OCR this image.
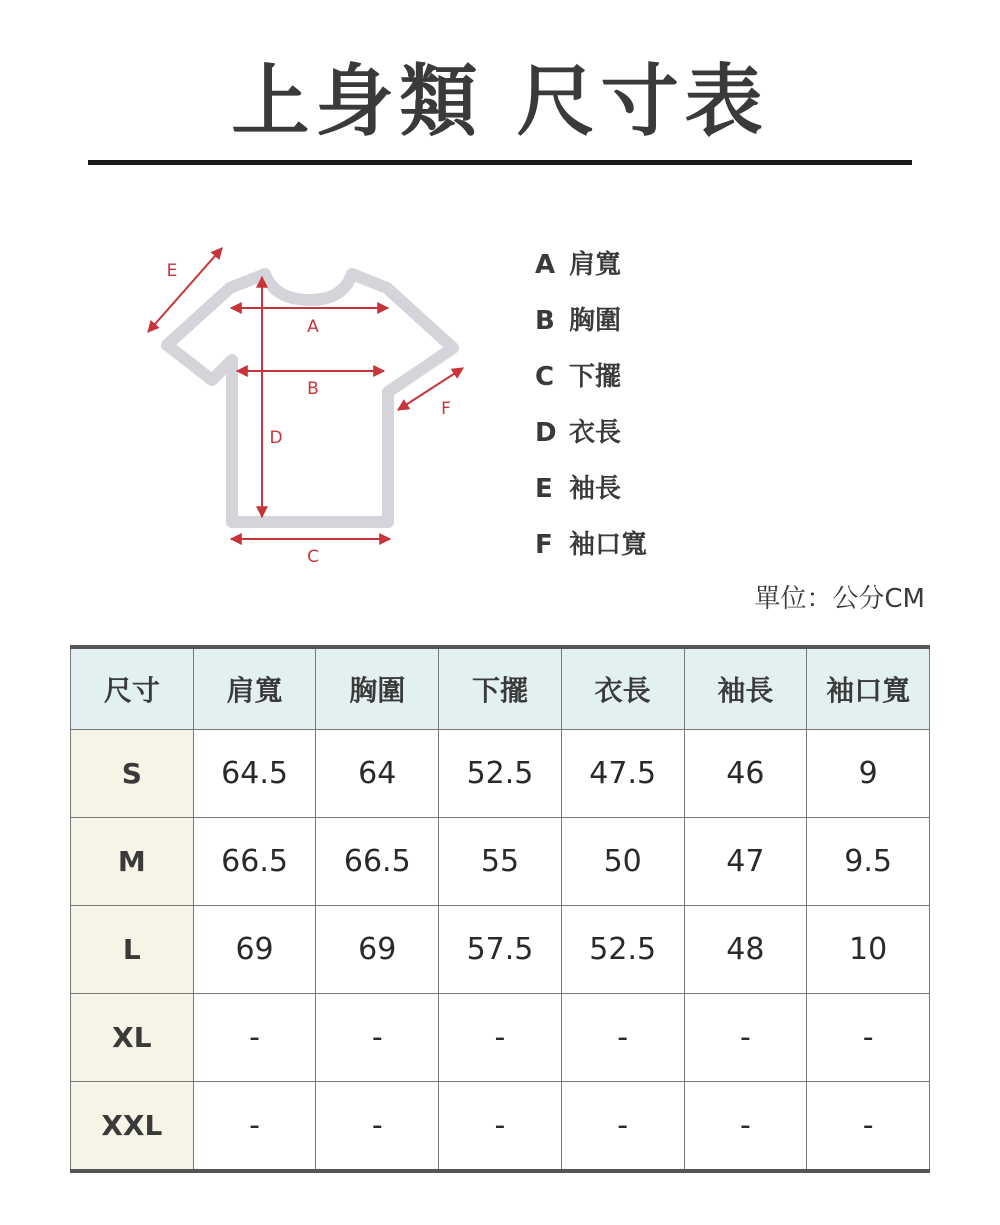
上身類 尺寸表
A
B
C
D
E
F
A 肩寬
B 胸圍
C 下擺
D 衣長
E 袖長
F 袖口寬
單位：公分CM
尺寸	肩寬	胸圍	下擺	衣長	袖長	袖口寬
S	64.5	64	52.5	47.5	46	9
M	66.5	66.5	55	50	47	9.5
L	69	69	57.5	52.5	48	10
XL	-	-	-	-	-	-
XXL	-	-	-	-	-	-
